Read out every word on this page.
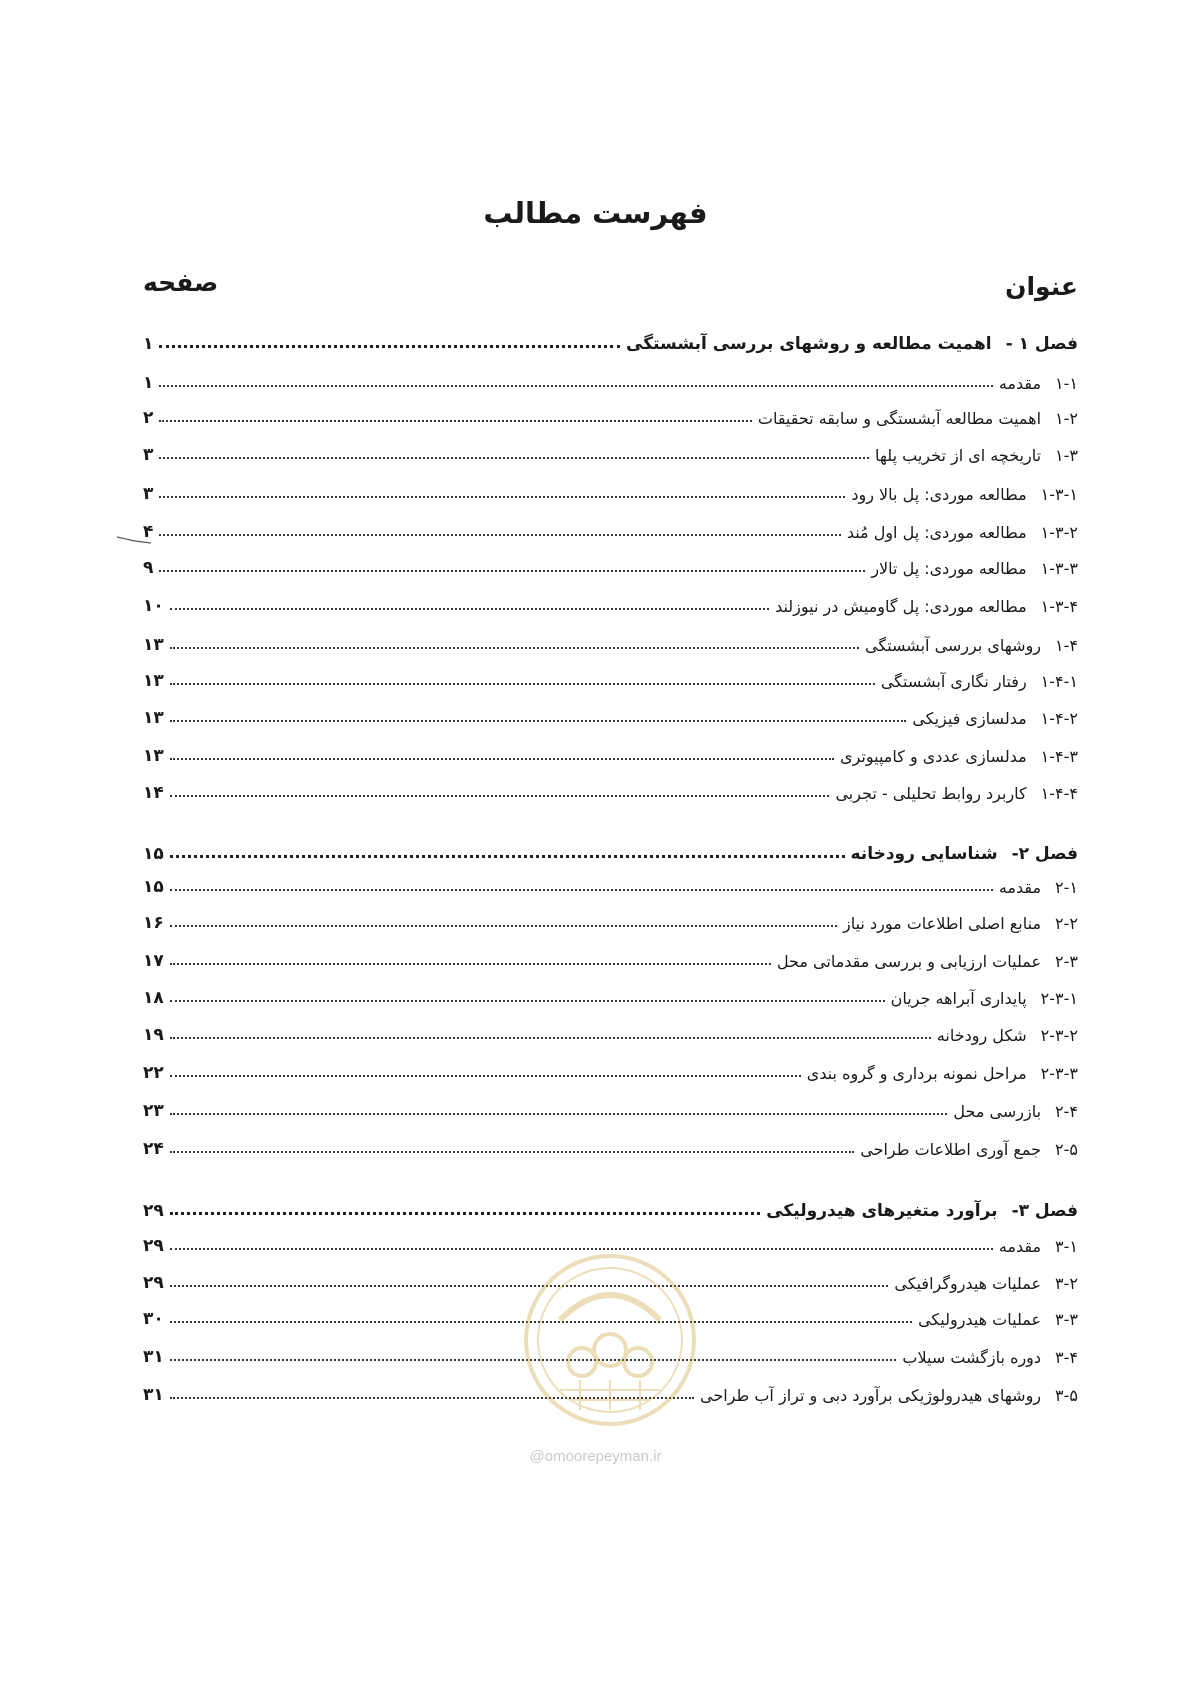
فهرست مطالب
عنوان
صفحه
فصل ۱ -
اهمیت مطالعه و روشهای بررسی آبشستگی
۱
۱-۱
مقدمه
۱
۱-۲
اهمیت مطالعه آبشستگی و سابقه تحقیقات
۲
۱-۳
تاریخچه ای از تخریب پلها
۳
۱-۳-۱
مطالعه موردی: پل بالا رود
۳
۱-۳-۲
مطالعه موردی: پل اول مُند
۴
۱-۳-۳
مطالعه موردی: پل تالار
۹
۱-۳-۴
مطالعه موردی: پل گاومیش در نیوزلند
۱۰
۱-۴
روشهای بررسی آبشستگی
۱۳
۱-۴-۱
رفتار نگاری آبشستگی
۱۳
۱-۴-۲
مدلسازی فیزیکی
۱۳
۱-۴-۳
مدلسازی عددی و کامپیوتری
۱۳
۱-۴-۴
کاربرد روابط تحلیلی - تجربی
۱۴
فصل ۲-
شناسایی رودخانه
۱۵
۲-۱
مقدمه
۱۵
۲-۲
منابع اصلی اطلاعات مورد نیاز
۱۶
۲-۳
عملیات ارزیابی و بررسی مقدماتی محل
۱۷
۲-۳-۱
پایداری آبراهه جریان
۱۸
۲-۳-۲
شکل رودخانه
۱۹
۲-۳-۳
مراحل نمونه برداری و گروه بندی
۲۲
۲-۴
بازرسی محل
۲۳
۲-۵
جمع آوری اطلاعات طراحی
۲۴
فصل ۳-
برآورد متغیرهای هیدرولیکی
۲۹
۳-۱
مقدمه
۲۹
۳-۲
عملیات هیدروگرافیکی
۲۹
۳-۳
عملیات هیدرولیکی
۳۰
۳-۴
دوره بازگشت سیلاب
۳۱
۳-۵
روشهای هیدرولوژیکی برآورد دبی و تراز آب طراحی
۳۱
@omoorepeyman.ir
